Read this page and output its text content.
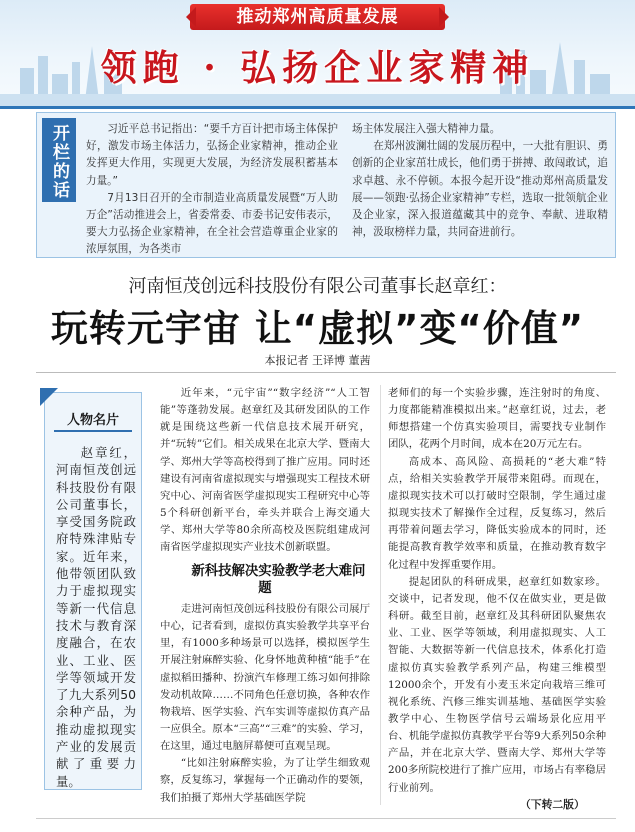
推动郑州高质量发展
领跑 · 弘扬企业家精神
开栏的话	习近平总书记指出：“要千方百计把市场主体保护好，激发市场主体活力，弘扬企业家精神，推动企业发挥更大作用，实现更大发展，为经济发展积蓄基本力量。”

7月13日召开的全市制造业高质量发展暨“万人助万企”活动推进会上，省委常委、市委书记安伟表示，要大力弘扬企业家精神，在全社会营造尊重企业家的浓厚氛围，为各类市

场主体发展注入强大精神力量。

在郑州波澜壮阔的发展历程中，一大批有胆识、勇创新的企业家茁壮成长，他们勇于拼搏、敢闯敢试，追求卓越、永不停顿。本报今起开设“推动郑州高质量发展——领跑·弘扬企业家精神”专栏，选取一批领航企业及企业家，深入报道蕴藏其中的竞争、奉献、进取精神，汲取榜样力量，共同奋进前行。

河南恒茂创远科技股份有限公司董事长赵章红：
玩转元宇宙 让“虚拟”变“价值”
本报记者 王译博 董茜
人物名片
赵章红，河南恒茂创远科技股份有限公司董事长，享受国务院政府特殊津贴专家。近年来，他带领团队致力于虚拟现实等新一代信息技术与教育深度融合，在农业、工业、医学等领域开发了九大系列50余种产品，为推动虚拟现实产业的发展贡献了重要力量。

近年来，“元宇宙”“数字经济”“人工智能”等蓬勃发展。赵章红及其研发团队的工作就是围绕这些新一代信息技术展开研究，并“玩转”它们。相关成果在北京大学、暨南大学、郑州大学等高校得到了推广应用。同时还建设有河南省虚拟现实与增强现实工程技术研究中心、河南省医学虚拟现实工程研究中心等5个科研创新平台，牵头并联合上海交通大学、郑州大学等80余所高校及医院组建成河南省医学虚拟现实产业技术创新联盟。

新科技解决实验教学老大难问题

走进河南恒茂创远科技股份有限公司展厅中心，记者看到，虚拟仿真实验教学共享平台里，有1000多种场景可以选择，模拟医学生开展注射麻醉实验、化身怀地黄种植“能手”在虚拟稻田播种、扮演汽车修理工练习如何排除发动机故障……不同角色任意切换，各种农作物栽培、医学实验、汽车实训等虚拟仿真产品一应俱全。原本“三高”“三难”的实验、学习，在这里，通过电脑屏幕便可直观呈现。

“比如注射麻醉实验，为了让学生细致观察，反复练习，掌握每一个正确动作的要领，我们拍摄了郑州大学基础医学院

老师们的每一个实验步骤，连注射时的角度、力度都能精准模拟出来。”赵章红说，过去，老师想搭建一个仿真实验项目，需要找专业制作团队，花两个月时间，成本在20万元左右。

高成本、高风险、高损耗的“老大难”特点，给相关实验教学开展带来阻碍。而现在，虚拟现实技术可以打破时空限制，学生通过虚拟现实技术了解操作全过程，反复练习，然后再带着问题去学习，降低实验成本的同时，还能提高教育教学效率和质量，在推动教育数字化过程中发挥重要作用。

提起团队的科研成果，赵章红如数家珍。交谈中，记者发现，他不仅在做实业，更是做科研。截至目前，赵章红及其科研团队聚焦农业、工业、医学等领域，利用虚拟现实、人工智能、大数据等新一代信息技术，体系化打造虚拟仿真实验教学系列产品，构建三维模型12000余个，开发有小麦玉米定向栽培三维可视化系统、汽修三维实训基地、基础医学实验教学中心、生物医学信号云端场景化应用平台、机能学虚拟仿真教学平台等9大系列50余种产品，并在北京大学、暨南大学、郑州大学等200多所院校进行了推广应用，市场占有率稳居行业前列。

（下转二版）
